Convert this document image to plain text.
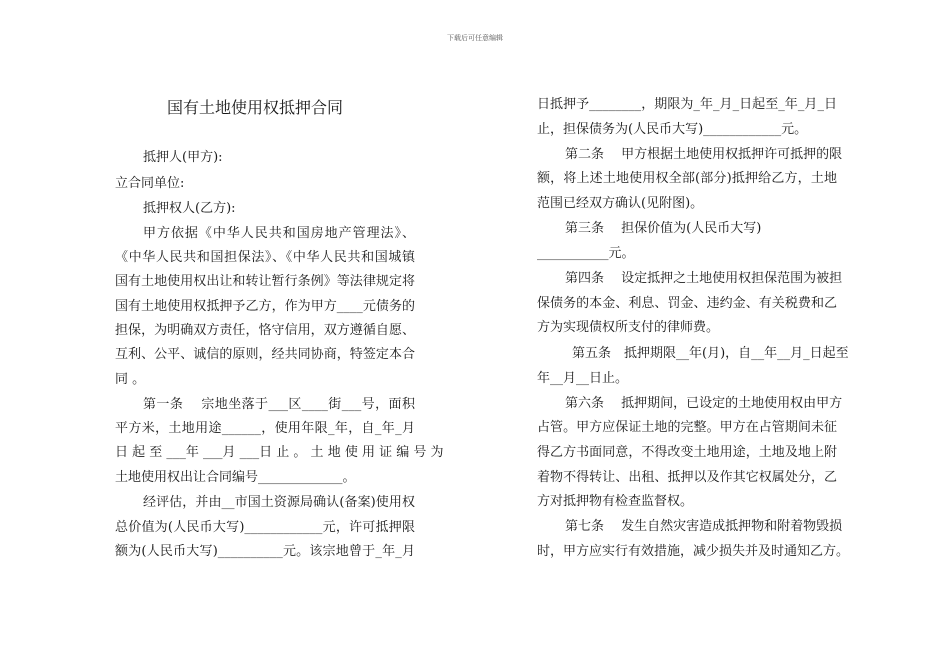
下载后可任意编辑
国有土地使用权抵押合同
抵押人(甲方):
立合同单位:
抵押权人(乙方):
甲方依据《中华人民共和国房地产管理法》、
《中华人民共和国担保法》、《中华人民共和国城镇
国有土地使用权出让和转让暂行条例》等法律规定将
国有土地使用权抵押予乙方，作为甲方____元债务的
担保，为明确双方责任，恪守信用，双方遵循自愿、
互利、公平、诚信的原则，经共同协商，特签定本合
同 。
第一条　 宗地坐落于___区____街___号，面积
平方米，土地用途______，使用年限_年，自_年_月
日 起 至 ___年 ___月 ___日 止 。 土 地 使 用 证 编 号 为
土地使用权出让合同编号_____________。
经评估，并由__市国土资源局确认(备案)使用权
总价值为(人民币大写)____________元，许可抵押限
额为(人民币大写)__________元。该宗地曾于_年_月
日抵押予________，期限为_年_月_日起至_年_月_日
止，担保债务为(人民币大写)____________元。
第二条　 甲方根据土地使用权抵押许可抵押的限
额，将上述土地使用权全部(部分)抵押给乙方，土地
范围已经双方确认(见附图)。
第三条　 担保价值为(人民币大写)
___________元。
第四条　 设定抵押之土地使用权担保范围为被担
保债务的本金、利息、罚金、违约金、有关税费和乙
方为实现债权所支付的律师费。
第五条　抵押期限__年(月)，自__年__月_日起至
年__月__日止。
第六条　 抵押期间，已设定的土地使用权由甲方
占管。甲方应保证土地的完整。甲方在占管期间未征
得乙方书面同意，不得改变土地用途，土地及地上附
着物不得转让、出租、抵押以及作其它权属处分，乙
方对抵押物有检查监督权。
第七条　 发生自然灾害造成抵押物和附着物毁损
时，甲方应实行有效措施，减少损失并及时通知乙方。
